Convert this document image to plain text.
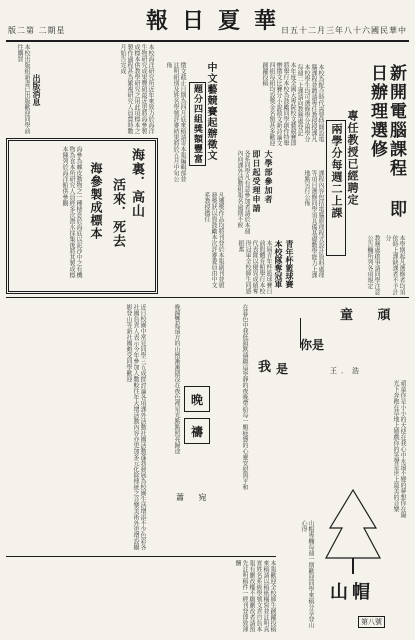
版二第 二期星	報日夏華
日五十二月三年八十六國民華中
新開電腦課程 即日辦理選修
專任教授已經聘定
兩學分每週二上課
本校為配合時代需要特開設電腦課程並聘請專任教授授課凡本校學生均可選修學分兩學分每週二上課請向教務處登記
課程內容包括電腦原理程式設計資料處理等項目選修同學須具備基礎數學能力上課地點另行公佈
本學期起凡選修者均須依時上課缺課者不予計分
教務處啟事請同學注意公告欄所列各項規定
青年杯籃球賽
本校隊奪冠軍
本屆青年杯籃球賽日前假體育館舉行本校代表隊以優異成績奪得冠軍全校師生同感振奮
大學部參加者
即日起受理申請
各系同學凡有意參加者請於本週內向課外活動組報名逾期不候
本年度全國大專院校文藝競賽即將舉行本校為鼓勵同學創作特舉辦徵文比賽分小說散文新詩論文四組每組均設獎金名額甚多歡迎踴躍投稿
中文藝競賽起辦徵文
題分四組獎額豐富
徵文截止日期為四月底來稿請寄本報編輯部並註明組別及姓名學號評審結果將於五月中旬公佈
凡獲獎作品均將刊登於本報副刊並頒發獎狀以資鼓勵本次評審委員由中文系教授擔任
出版消息
本校出版組新書已出版歡迎同學前往購買	本校海洋研究所近年來致力於海洋生物研究成果豐碩最近更將海參製成標本供教學研究之用此項標本之製作過程甚為繁複研究人員費時數月始告完成
海裏．高山
活來．死去
海參製成標本
海參為棘皮動物之一種棲息於海底以泥沙中之有機物為食本所研究人員經多次潛水採集後將其製成標本陳列於海洋館供參觀
童 頑
你是
是
我	王．浩
頑童你是小小的天使在我心中永遠不變的夢想你在陽光下奔跑在草地上嬉戲你的笑聲是世上最美的音樂
晚
禱
蕭 宛
在暮色中我低頭默禱願這寧靜的夜晚帶給每一顆疲憊的心靈安慰與平和
晚鐘響起遠方的山巒漸漸隱沒在夜色裡星光點點照亮歸途
近日校園中常見同學三五成群討論各項課外活動社團活動蓬勃發展為校園生活增添不少色彩各社團負責人表示今年參加人數較往年大增活動內容亦更加多元化除傳統之音樂美術外更增設攝影登山等新社團頗受同學歡迎
本報歡迎全校師生踴躍投稿來稿請以稿紙橫寫並註明真實姓名系級學號文責自負本報有刪改權不願刪改者請預先註明稿件一經刊登即致薄酬
山帽
第八號
山帽專欄每週一期歡迎同學來稿分享登山心得
